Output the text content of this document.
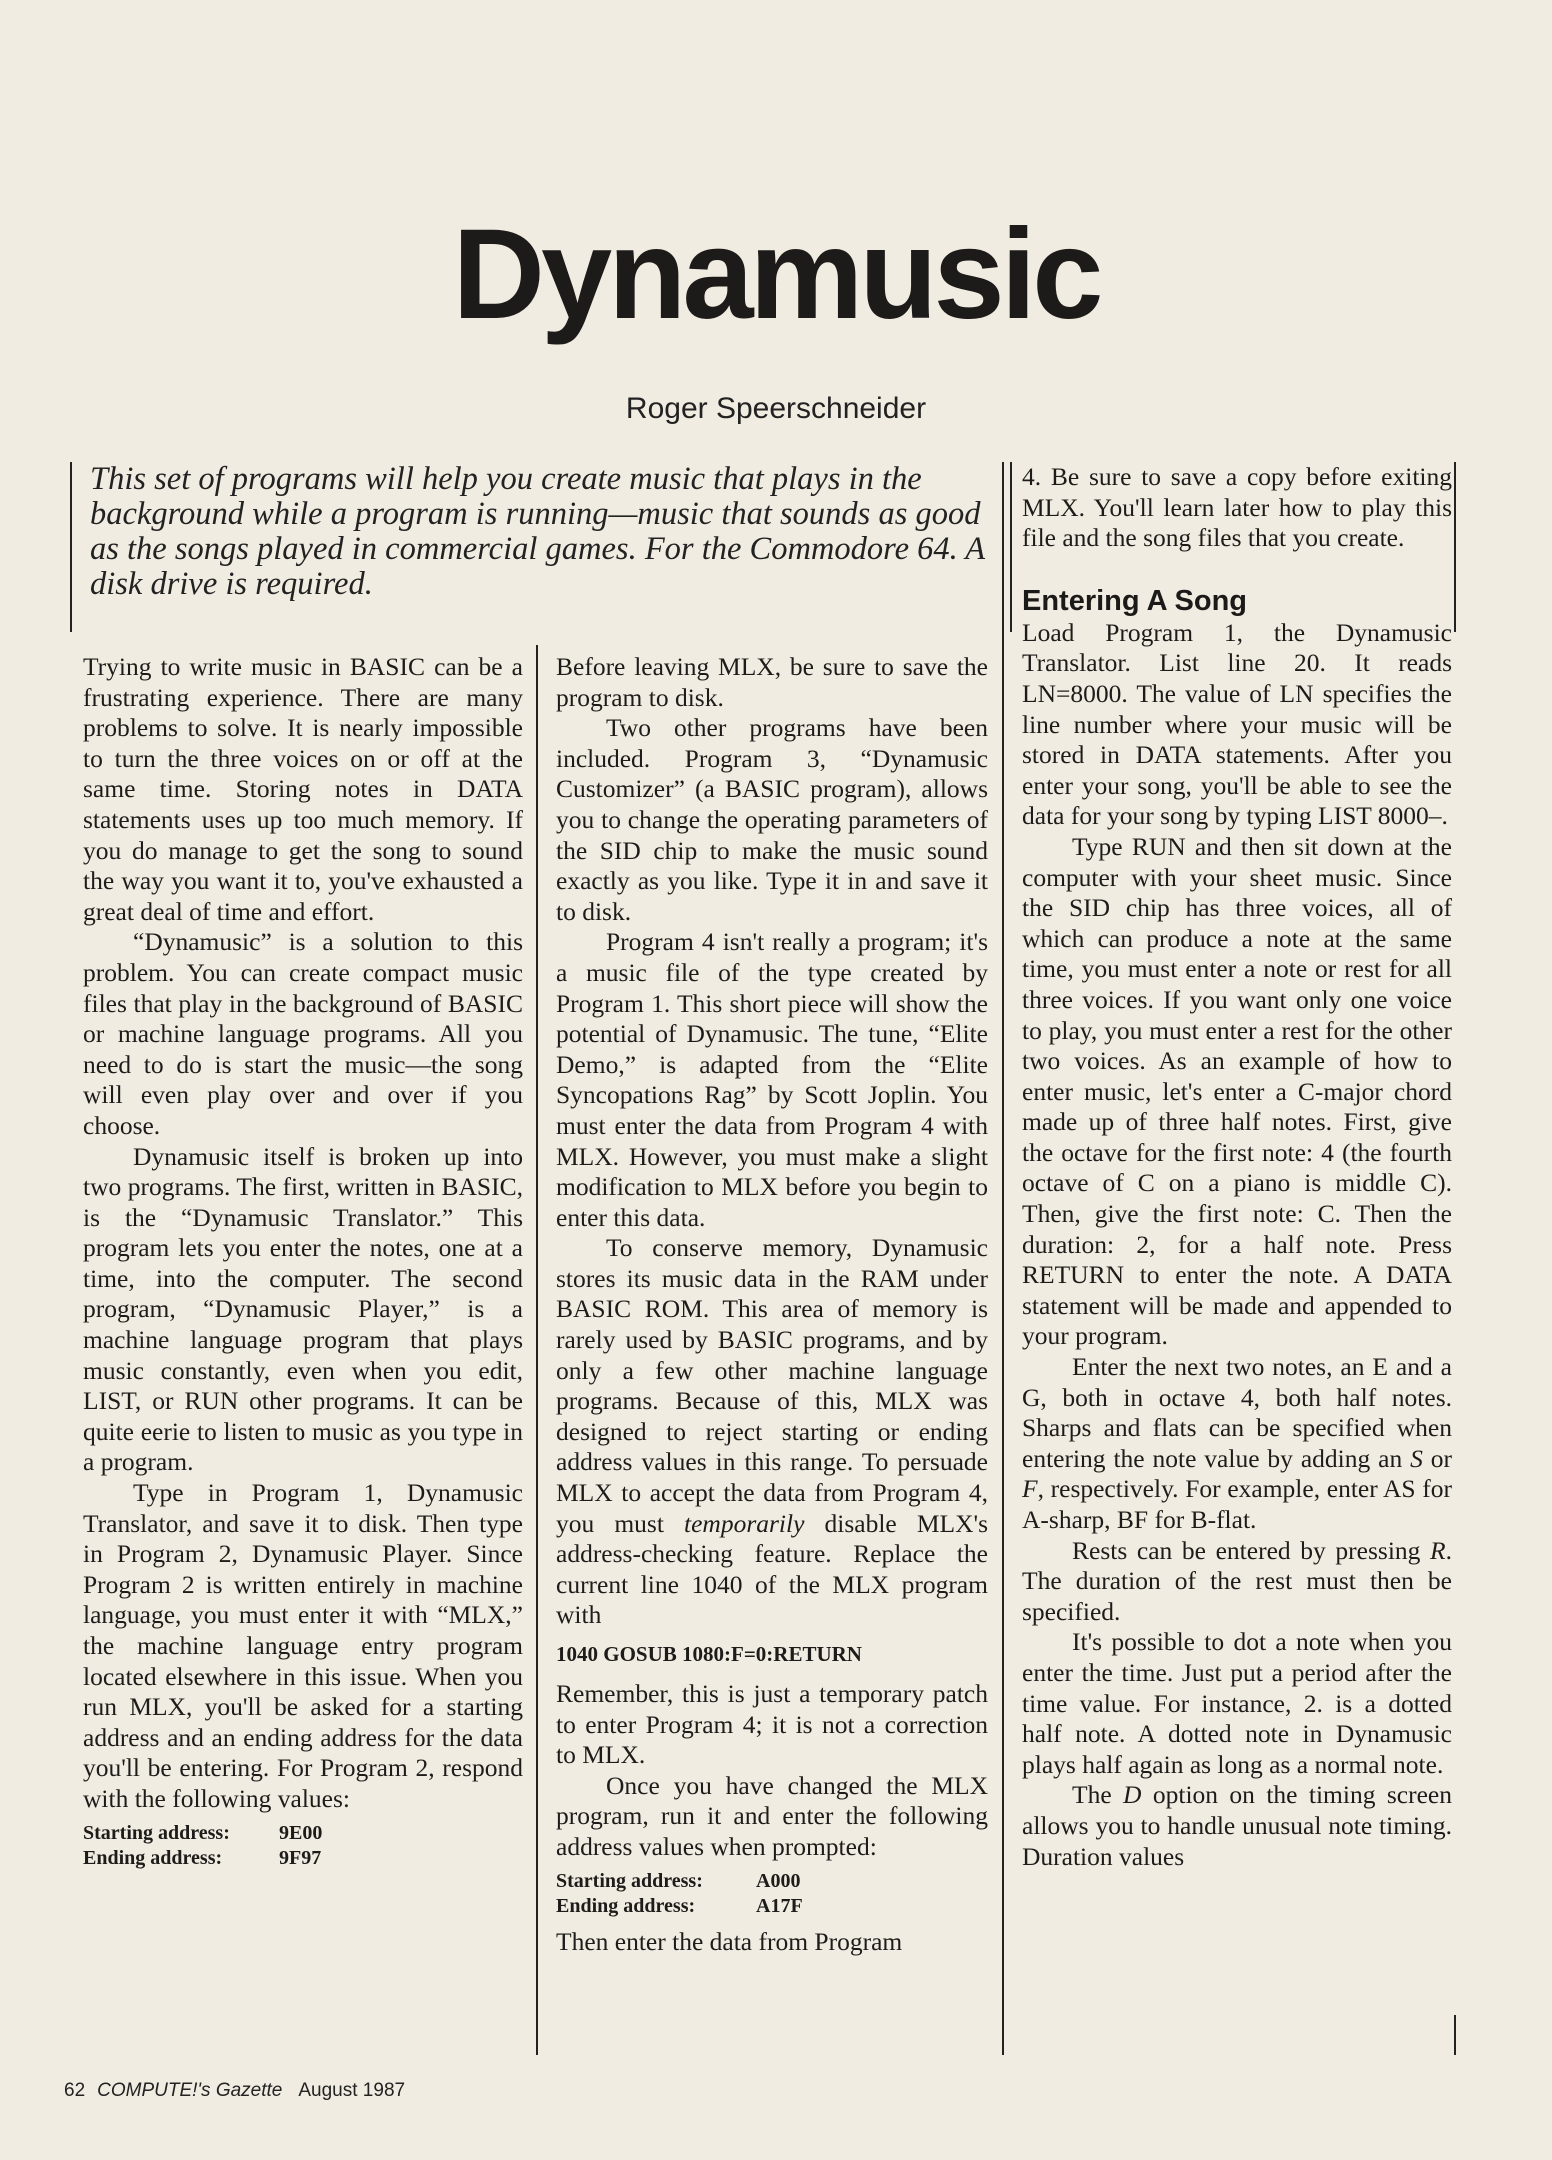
Dynamusic
Roger Speerschneider

This set of programs will help you create music that plays in the background while a program is running—music that sounds as good as the songs played in commercial games. For the Commodore 64. A disk drive is required.

Trying to write music in BASIC can be a frustrating experience. There are many problems to solve. It is nearly impossible to turn the three voices on or off at the same time. Storing notes in DATA statements uses up too much memory. If you do manage to get the song to sound the way you want it to, you've exhausted a great deal of time and effort.

“Dynamusic” is a solution to this problem. You can create compact music files that play in the background of BASIC or machine language programs. All you need to do is start the music—the song will even play over and over if you choose.

Dynamusic itself is broken up into two programs. The first, written in BASIC, is the “Dynamusic Translator.” This program lets you enter the notes, one at a time, into the computer. The second program, “Dynamusic Player,” is a machine language program that plays music constantly, even when you edit, LIST, or RUN other programs. It can be quite eerie to listen to music as you type in a program.

Type in Program 1, Dynamusic Translator, and save it to disk. Then type in Program 2, Dynamusic Player. Since Program 2 is written entirely in machine language, you must enter it with “MLX,” the machine language entry program located elsewhere in this issue. When you run MLX, you'll be asked for a starting address and an ending address for the data you'll be entering. For Program 2, respond with the following values:

Starting address:	9E00
Ending address:	9F97

Before leaving MLX, be sure to save the program to disk.

Two other programs have been included. Program 3, “Dynamusic Customizer” (a BASIC program), allows you to change the operating parameters of the SID chip to make the music sound exactly as you like. Type it in and save it to disk.

Program 4 isn't really a program; it's a music file of the type created by Program 1. This short piece will show the potential of Dynamusic. The tune, “Elite Demo,” is adapted from the “Elite Syncopations Rag” by Scott Joplin. You must enter the data from Program 4 with MLX. However, you must make a slight modification to MLX before you begin to enter this data.

To conserve memory, Dynamusic stores its music data in the RAM under BASIC ROM. This area of memory is rarely used by BASIC programs, and by only a few other machine language programs. Because of this, MLX was designed to reject starting or ending address values in this range. To persuade MLX to accept the data from Program 4, you must temporarily disable MLX's address-checking feature. Replace the current line 1040 of the MLX program with

1040 GOSUB 1080:F=0:RETURN

Remember, this is just a temporary patch to enter Program 4; it is not a correction to MLX.

Once you have changed the MLX program, run it and enter the following address values when prompted:

Starting address:	A000
Ending address:	A17F

Then enter the data from Program

4. Be sure to save a copy before exiting MLX. You'll learn later how to play this file and the song files that you create.

Entering A Song

Load Program 1, the Dynamusic Translator. List line 20. It reads LN=8000. The value of LN specifies the line number where your music will be stored in DATA statements. After you enter your song, you'll be able to see the data for your song by typing LIST 8000–.

Type RUN and then sit down at the computer with your sheet music. Since the SID chip has three voices, all of which can produce a note at the same time, you must enter a note or rest for all three voices. If you want only one voice to play, you must enter a rest for the other two voices. As an example of how to enter music, let's enter a C-major chord made up of three half notes. First, give the octave for the first note: 4 (the fourth octave of C on a piano is middle C). Then, give the first note: C. Then the duration: 2, for a half note. Press RETURN to enter the note. A DATA statement will be made and appended to your program.

Enter the next two notes, an E and a G, both in octave 4, both half notes. Sharps and flats can be specified when entering the note value by adding an S or F, respectively. For example, enter AS for A-sharp, BF for B-flat.

Rests can be entered by pressing R. The duration of the rest must then be specified.

It's possible to dot a note when you enter the time. Just put a period after the time value. For instance, 2. is a dotted half note. A dotted note in Dynamusic plays half again as long as a normal note.

The D option on the timing screen allows you to handle unusual note timing. Duration values

62 COMPUTE!'s Gazette August 1987
